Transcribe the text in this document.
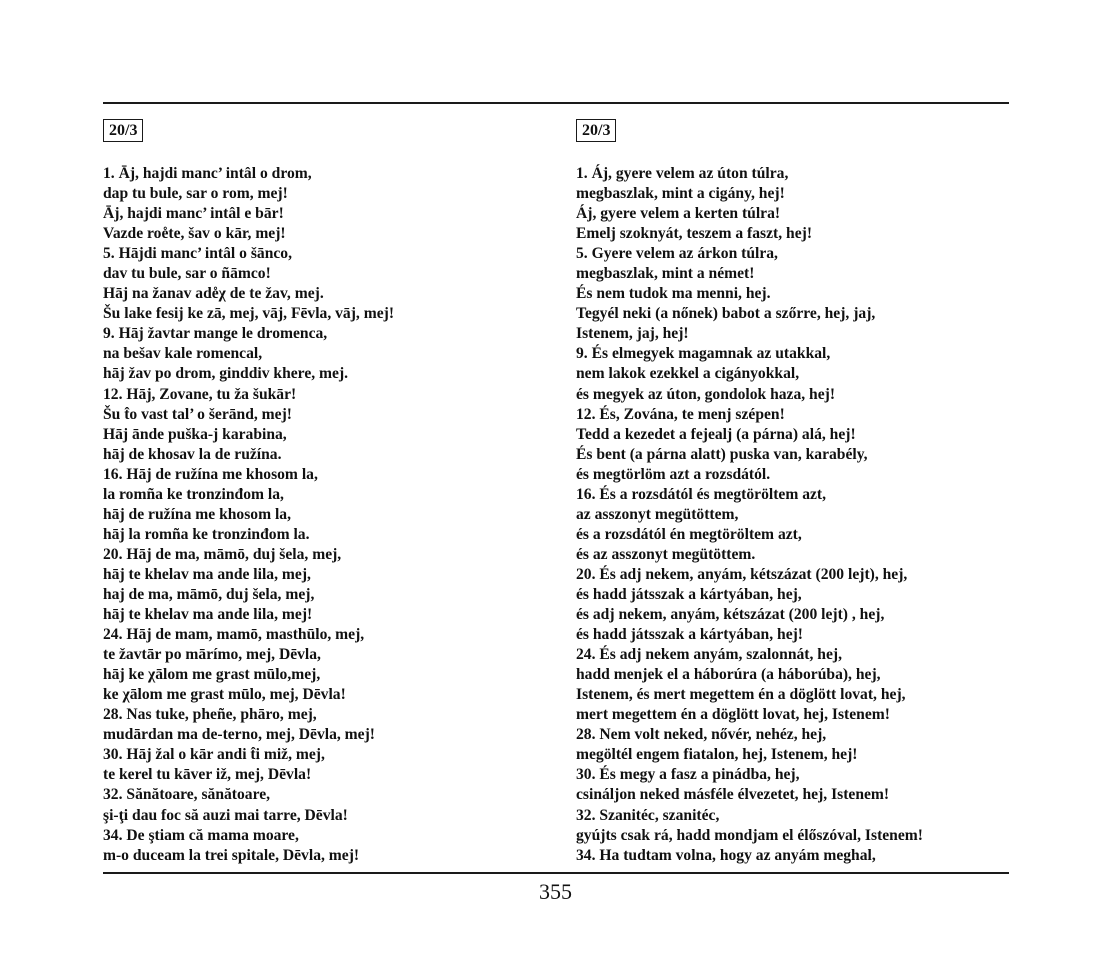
20/3
1. Āj, hajdi manc’ intâl o drom,
dap tu bule, sar o rom, mej!
Āj, hajdi manc’ intâl e bār!
Vazde roe̊te, šav o kār, mej!
5. Hājdi manc’ intâl o šānco,
dav tu bule, sar o ñāmco!
Hāj na žanav ade̊χ de te žav, mej.
Šu lake fesij ke zā, mej, vāj, Fēvla, vāj, mej!
9. Hāj žavtar mange le dromenca,
na bešav kale romencal,
hāj žav po drom, ginddiv khere, mej.
12. Hāj, Zovane, tu ža šukār!
Šu t̂o vast tal’ o šerānd, mej!
Hāj ānde puška-j karabina,
hāj de khosav la de ružína.
16. Hāj de ružína me khosom la,
la romña ke tronzinđom la,
hāj de ružína me khosom la,
hāj la romña ke tronzinđom la.
20. Hāj de ma, māmō, duj šela, mej,
hāj te khelav ma ande lila, mej,
haj de ma, māmō, duj šela, mej,
hāj te khelav ma ande lila, mej!
24. Hāj de mam, mamō, masthūlo, mej,
te žavtār po mārímo, mej, Dēvla,
hāj ke χālom me grast mūlo,mej,
ke χālom me grast mūlo, mej, Dēvla!
28. Nas tuke, pheñe, phāro, mej,
mudārdan ma de-terno, mej, Dēvla, mej!
30. Hāj žal o kār andi t̂i miž, mej,
te kerel tu kāver iž, mej, Dēvla!
32. Sănătoare, sănătoare,
şi-ţi dau foc să auzi mai tarre, Dēvla!
34. De ştiam că mama moare,
m-o duceam la trei spitale, Dēvla, mej!
20/3
1. Áj, gyere velem az úton túlra,
megbaszlak, mint a cigány, hej!
Áj, gyere velem a kerten túlra!
Emelj szoknyát, teszem a faszt, hej!
5. Gyere velem az árkon túlra,
megbaszlak, mint a német!
És nem tudok ma menni, hej.
Tegyél neki (a nőnek) babot a szőrre, hej, jaj,
Istenem, jaj, hej!
9. És elmegyek magamnak az utakkal,
nem lakok ezekkel a cigányokkal,
és megyek az úton, gondolok haza, hej!
12. És, Zována, te menj szépen!
Tedd a kezedet a fejealj (a párna) alá, hej!
És bent (a párna alatt) puska van, karabély,
és megtörlöm azt a rozsdától.
16. És a rozsdától és megtöröltem azt,
az asszonyt megütöttem,
és a rozsdától én megtöröltem azt,
és az asszonyt megütöttem.
20. És adj nekem, anyám, kétszázat (200 lejt), hej,
és hadd játsszak a kártyában, hej,
és adj nekem, anyám, kétszázat (200 lejt) , hej,
és hadd játsszak a kártyában, hej!
24. És adj nekem anyám, szalonnát, hej,
hadd menjek el a háborúra (a háborúba), hej,
Istenem, és mert megettem én a döglött lovat, hej,
mert megettem én a döglött lovat, hej, Istenem!
28. Nem volt neked, nővér, nehéz, hej,
megöltél engem fiatalon, hej, Istenem, hej!
30. És megy a fasz a pinádba, hej,
csináljon neked másféle élvezetet, hej, Istenem!
32. Szanitéc, szanitéc,
gyújts csak rá, hadd mondjam el élőszóval, Istenem!
34. Ha tudtam volna, hogy az anyám meghal,
355
